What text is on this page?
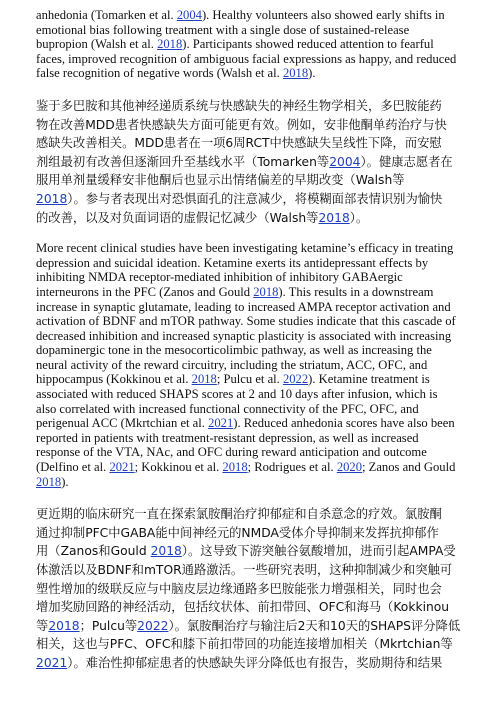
anhedonia (Tomarken et al. 2004). Healthy volunteers also showed early shifts in
emotional bias following treatment with a single dose of sustained-release
bupropion (Walsh et al. 2018). Participants showed reduced attention to fearful
faces, improved recognition of ambiguous facial expressions as happy, and reduced
false recognition of negative words (Walsh et al. 2018).
鉴于多巴胺和其他神经递质系统与快感缺失的神经生物学相关，多巴胺能药
物在改善MDD患者快感缺失方面可能更有效。例如，安非他酮单药治疗与快
感缺失改善相关。MDD患者在一项6周RCT中快感缺失呈线性下降，而安慰
剂组最初有改善但逐渐回升至基线水平（Tomarken等2004）。健康志愿者在
服用单剂量缓释安非他酮后也显示出情绪偏差的早期改变（Walsh等
2018）。参与者表现出对恐惧面孔的注意减少，将模糊面部表情识别为愉快
的改善，以及对负面词语的虚假记忆减少（Walsh等2018）。
More recent clinical studies have been investigating ketamine’s efficacy in treating
depression and suicidal ideation. Ketamine exerts its antidepressant effects by
inhibiting NMDA receptor-mediated inhibition of inhibitory GABAergic
interneurons in the PFC (Zanos and Gould 2018). This results in a downstream
increase in synaptic glutamate, leading to increased AMPA receptor activation and
activation of BDNF and mTOR pathway. Some studies indicate that this cascade of
decreased inhibition and increased synaptic plasticity is associated with increasing
dopaminergic tone in the mesocorticolimbic pathway, as well as increasing the
neural activity of the reward circuitry, including the striatum, ACC, OFC, and
hippocampus (Kokkinou et al. 2018; Pulcu et al. 2022). Ketamine treatment is
associated with reduced SHAPS scores at 2 and 10 days after infusion, which is
also correlated with increased functional connectivity of the PFC, OFC, and
perigenual ACC (Mkrtchian et al. 2021). Reduced anhedonia scores have also been
reported in patients with treatment-resistant depression, as well as increased
response of the VTA, NAc, and OFC during reward anticipation and outcome
(Delfino et al. 2021; Kokkinou et al. 2018; Rodrigues et al. 2020; Zanos and Gould
2018).
更近期的临床研究一直在探索氯胺酮治疗抑郁症和自杀意念的疗效。氯胺酮
通过抑制PFC中GABA能中间神经元的NMDA受体介导抑制来发挥抗抑郁作
用（Zanos和Gould 2018）。这导致下游突触谷氨酸增加，进而引起AMPA受
体激活以及BDNF和mTOR通路激活。一些研究表明，这种抑制减少和突触可
塑性增加的级联反应与中脑皮层边缘通路多巴胺能张力增强相关，同时也会
增加奖励回路的神经活动，包括纹状体、前扣带回、OFC和海马（Kokkinou
等2018；Pulcu等2022）。氯胺酮治疗与输注后2天和10天的SHAPS评分降低
相关，这也与PFC、OFC和膝下前扣带回的功能连接增加相关（Mkrtchian等
2021）。难治性抑郁症患者的快感缺失评分降低也有报告，奖励期待和结果
